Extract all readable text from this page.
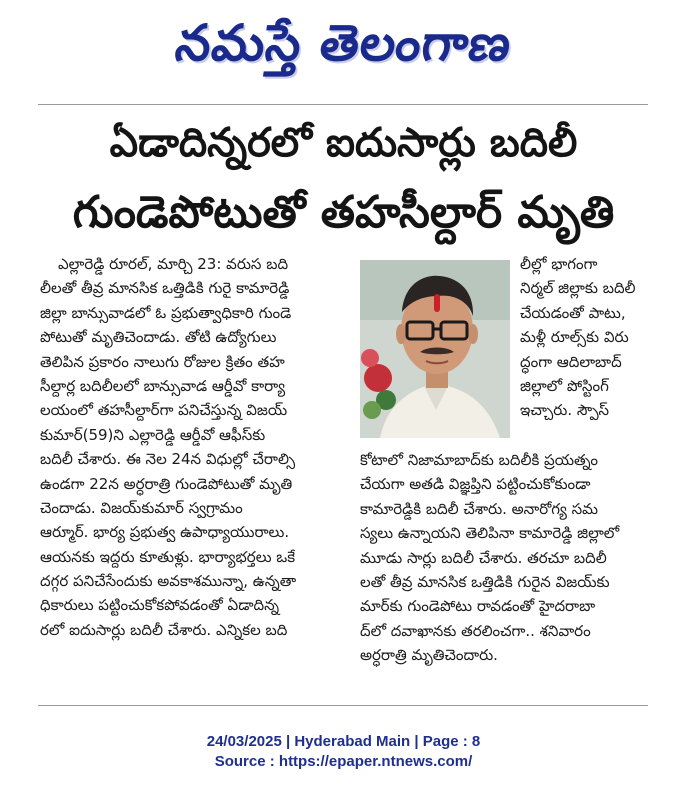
నమస్తే తెలంగాణ
ఏడాదిన్నరలో ఐదుసార్లు బదిలీ
గుండెపోటుతో తహసీల్దార్ మృతి
ఎల్లారెడ్డి రూరల్, మార్చి 23: వరుస బది
లీలతో తీవ్ర మానసిక ఒత్తిడికి గురై కామారెడ్డి
జిల్లా బాన్సువాడలో ఓ ప్రభుత్వాధికారి గుండె
పోటుతో మృతిచెందాడు. తోటి ఉద్యోగులు
తెలిపిన ప్రకారం నాలుగు రోజుల క్రితం తహ
సీల్దార్ల బదిలీలలో బాన్సువాడ ఆర్డీవో కార్యా
లయంలో తహసీల్దార్‌గా పనిచేస్తున్న విజయ్
కుమార్(59)ని ఎల్లారెడ్డి ఆర్డీవో ఆఫీస్‌కు
బదిలీ చేశారు. ఈ నెల 24న విధుల్లో చేరాల్సి
ఉండగా 22న అర్ధరాత్రి గుండెపోటుతో మృతి
చెందాడు. విజయ్‌కుమార్ స్వగ్రామం
ఆర్మూర్. భార్య ప్రభుత్వ ఉపాధ్యాయురాలు.
ఆయనకు ఇద్దరు కూతుళ్లు. భార్యాభర్తలు ఒకే
దగ్గర పనిచేసేందుకు అవకాశమున్నా, ఉన్నతా
ధికారులు పట్టించుకోకపోవడంతో ఏడాదిన్న
రలో ఐదుసార్లు బదిలీ చేశారు. ఎన్నికల బది
లీల్లో భాగంగా
నిర్మల్ జిల్లాకు బదిలీ
చేయడంతో పాటు,
మళ్లీ రూల్స్‌కు విరు
ద్ధంగా ఆదిలాబాద్
జిల్లాలో పోస్టింగ్
ఇచ్చారు. స్పౌస్
కోటాలో నిజామాబాద్‌కు బదిలీకి ప్రయత్నం
చేయగా అతడి విజ్ఞప్తిని పట్టించుకోకుండా
కామారెడ్డికి బదిలీ చేశారు. అనారోగ్య సమ
స్యలు ఉన్నాయని తెలిపినా కామారెడ్డి జిల్లాలో
మూడు సార్లు బదిలీ చేశారు. తరచూ బదిలీ
లతో తీవ్ర మానసిక ఒత్తిడికి గురైన విజయ్‌కు
మార్‌కు గుండెపోటు రావడంతో హైదరాబా
ద్‌లో దవాఖానకు తరలించగా.. శనివారం
అర్ధరాత్రి మృతిచెందారు.
24/03/2025 | Hyderabad Main | Page : 8
Source : https://epaper.ntnews.com/
